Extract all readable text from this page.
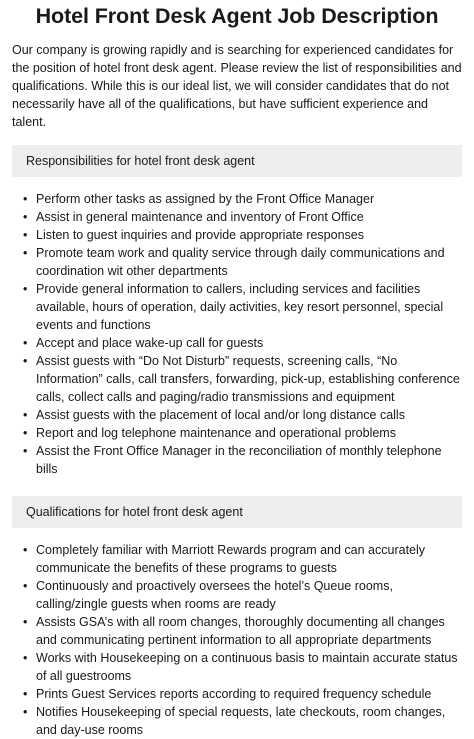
Hotel Front Desk Agent Job Description

Our company is growing rapidly and is searching for experienced candidates for the position of hotel front desk agent. Please review the list of responsibilities and qualifications. While this is our ideal list, we will consider candidates that do not necessarily have all of the qualifications, but have sufficient experience and talent.

Responsibilities for hotel front desk agent
• Perform other tasks as assigned by the Front Office Manager
• Assist in general maintenance and inventory of Front Office
• Listen to guest inquiries and provide appropriate responses
• Promote team work and quality service through daily communications and coordination wit other departments
• Provide general information to callers, including services and facilities available, hours of operation, daily activities, key resort personnel, special events and functions
• Accept and place wake-up call for guests
• Assist guests with “Do Not Disturb” requests, screening calls, “No Information” calls, call transfers, forwarding, pick-up, establishing conference calls, collect calls and paging/radio transmissions and equipment
• Assist guests with the placement of local and/or long distance calls
• Report and log telephone maintenance and operational problems
• Assist the Front Office Manager in the reconciliation of monthly telephone bills
Qualifications for hotel front desk agent
• Completely familiar with Marriott Rewards program and can accurately communicate the benefits of these programs to guests
• Continuously and proactively oversees the hotel’s Queue rooms, calling/zingle guests when rooms are ready
• Assists GSA’s with all room changes, thoroughly documenting all changes and communicating pertinent information to all appropriate departments
• Works with Housekeeping on a continuous basis to maintain accurate status of all guestrooms
• Prints Guest Services reports according to required frequency schedule
• Notifies Housekeeping of special requests, late checkouts, room changes, and day-use rooms
